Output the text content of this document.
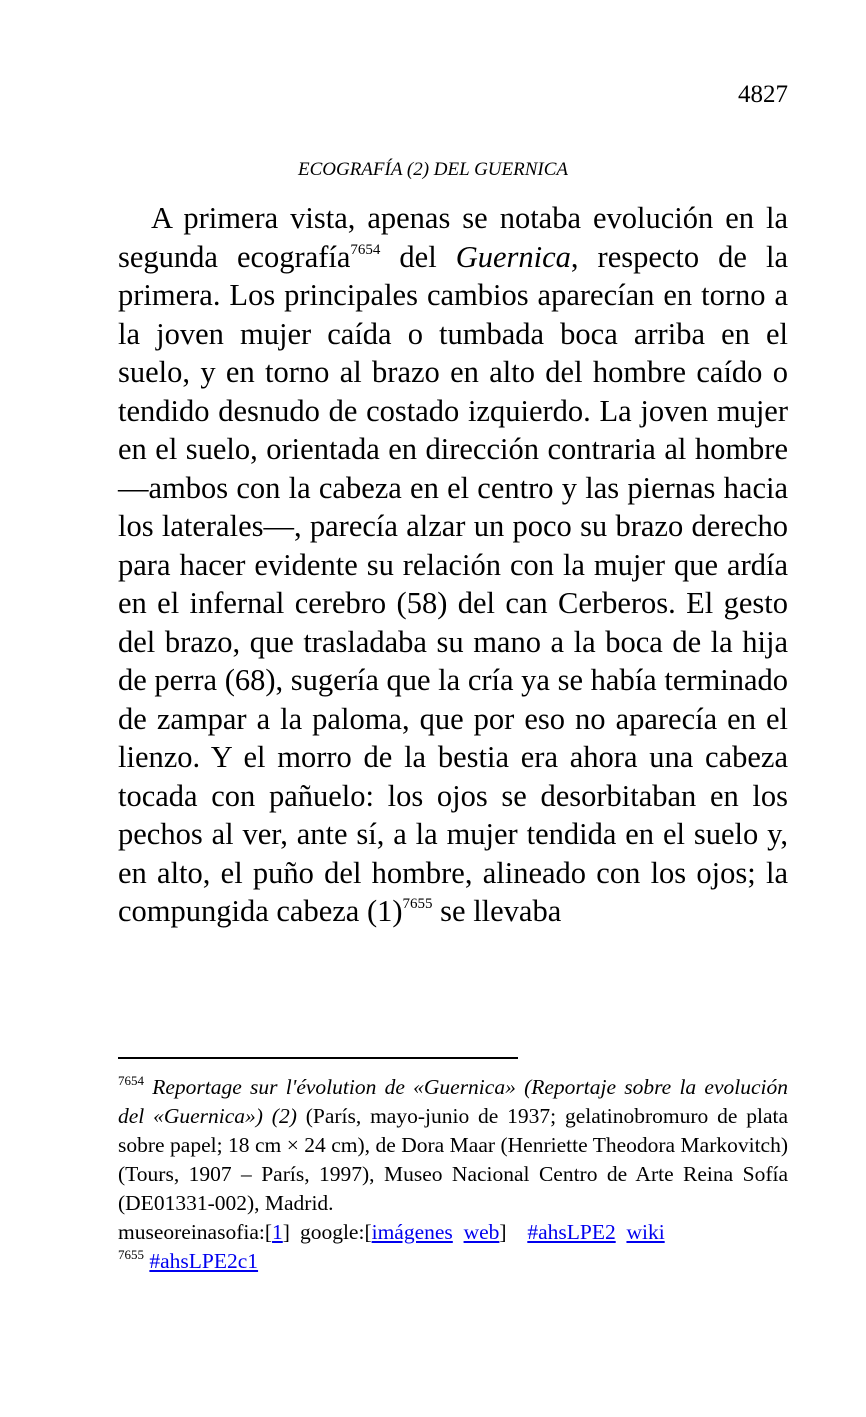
4827
ECOGRAFÍA (2) DEL GUERNICA

A primera vista, apenas se notaba evolución en la segunda ecografía$^{7654}$ del Guernica, respecto de la primera. Los principales cambios aparecían en torno a la joven mujer caída o tumbada boca arriba en el suelo, y en torno al brazo en alto del hombre caído o tendido desnudo de costado izquierdo. La joven mujer en el suelo, orientada en dirección contraria al hombre —ambos con la cabeza en el centro y las piernas hacia los laterales—, parecía alzar un poco su brazo derecho para hacer evidente su relación con la mujer que ardía en el infernal cerebro (58) del can Cerberos. El gesto del brazo, que trasladaba su mano a la boca de la hija de perra (68), sugería que la cría ya se había terminado de zampar a la paloma, que por eso no aparecía en el lienzo. Y el morro de la bestia era ahora una cabeza tocada con pañuelo: los ojos se desorbitaban en los pechos al ver, ante sí, a la mujer tendida en el suelo y, en alto, el puño del hombre, alineado con los ojos; la compungida cabeza $(1)^{7655}$ se llevaba

$^{7654}$ Reportage sur l'évolution de «Guernica» (Reportaje sobre la evolución del «Guernica») (2) (París, mayo-junio de 1937; gelatinobromuro de plata sobre papel; 18 cm × 24 cm), de Dora Maar (Henriette Theodora Markovitch) (Tours, 1907 – París, 1997), Museo Nacional Centro de Arte Reina Sofía (DE01331-002), Madrid.

museoreinasofia:[1] google:[imágenes web] #ahsLPE2 wiki

$^{7655}$ #ahsLPE2c1
